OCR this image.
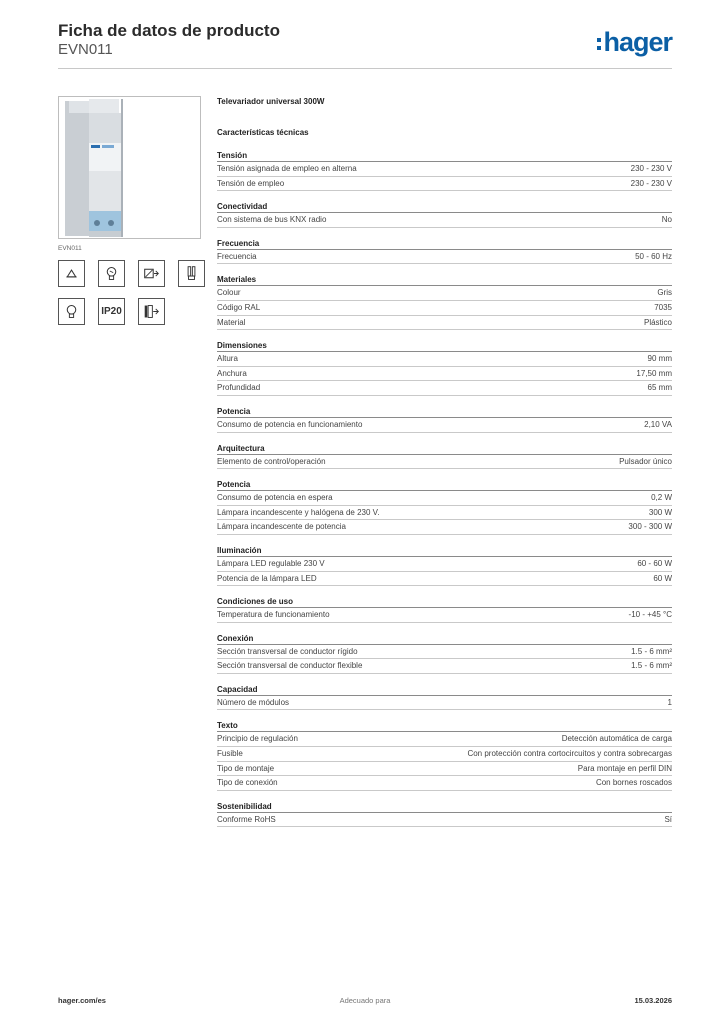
Ficha de datos de producto
EVN011	hager
EVN011
IP20
Televariador universal 300W
Características técnicas
Tensión
Tensión asignada de empleo en alterna	230 - 230 V
Tensión de empleo	230 - 230 V
Conectividad
Con sistema de bus KNX radio	No
Frecuencia
Frecuencia	50 - 60 Hz
Materiales
Colour	Gris
Código RAL	7035
Material	Plástico
Dimensiones
Altura	90 mm
Anchura	17,50 mm
Profundidad	65 mm
Potencia
Consumo de potencia en funcionamiento	2,10 VA
Arquitectura
Elemento de control/operación	Pulsador único
Potencia
Consumo de potencia en espera	0,2 W
Lámpara incandescente y halógena de 230 V.	300 W
Lámpara incandescente de potencia	300 - 300 W
Iluminación
Lámpara LED regulable 230 V	60 - 60 W
Potencia de la lámpara LED	60 W
Condiciones de uso
Temperatura de funcionamiento	-10 - +45 °C
Conexión
Sección transversal de conductor rígido	1.5 - 6 mm²
Sección transversal de conductor flexible	1.5 - 6 mm²
Capacidad
Número de módulos	1
Texto
Principio de regulación	Detección automática de carga
Fusible	Con protección contra cortocircuitos y contra sobrecargas
Tipo de montaje	Para montaje en perfil DIN
Tipo de conexión	Con bornes roscados
Sostenibilidad
Conforme RoHS	Sí
hager.com/es	Adecuado para	15.03.2026
